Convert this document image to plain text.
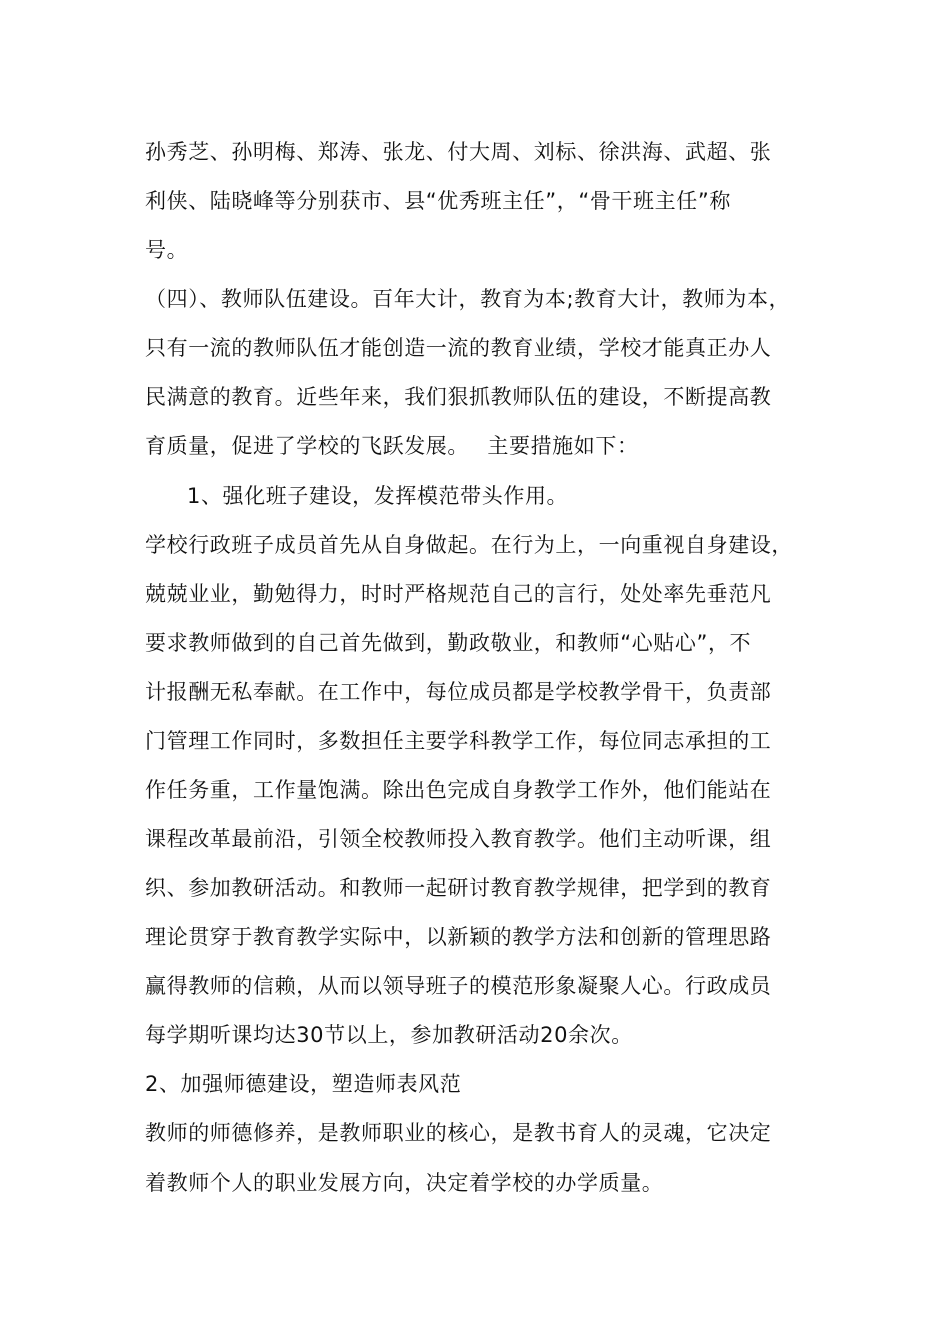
孙秀芝、孙明梅、郑涛、张龙、付大周、刘标、徐洪海、武超、张
利侠、陆晓峰等分别获市、县“优秀班主任”，“骨干班主任”称
号。
（四）、教师队伍建设。百年大计，教育为本;教育大计，教师为本，
只有一流的教师队伍才能创造一流的教育业绩，学校才能真正办人
民满意的教育。近些年来，我们狠抓教师队伍的建设，不断提高教
育质量，促进了学校的飞跃发展。　 主要措施如下：
1、强化班子建设，发挥模范带头作用。
学校行政班子成员首先从自身做起。在行为上，一向重视自身建设，
兢兢业业，勤勉得力，时时严格规范自己的言行，处处率先垂范凡
要求教师做到的自己首先做到，勤政敬业，和教师“心贴心”，不
计报酬无私奉献。在工作中，每位成员都是学校教学骨干，负责部
门管理工作同时，多数担任主要学科教学工作，每位同志承担的工
作任务重，工作量饱满。除出色完成自身教学工作外，他们能站在
课程改革最前沿，引领全校教师投入教育教学。他们主动听课，组
织、参加教研活动。和教师一起研讨教育教学规律，把学到的教育
理论贯穿于教育教学实际中，以新颖的教学方法和创新的管理思路
赢得教师的信赖，从而以领导班子的模范形象凝聚人心。行政成员
每学期听课均达30节以上，参加教研活动20余次。
2、加强师德建设，塑造师表风范
教师的师德修养，是教师职业的核心，是教书育人的灵魂，它决定
着教师个人的职业发展方向，决定着学校的办学质量。
